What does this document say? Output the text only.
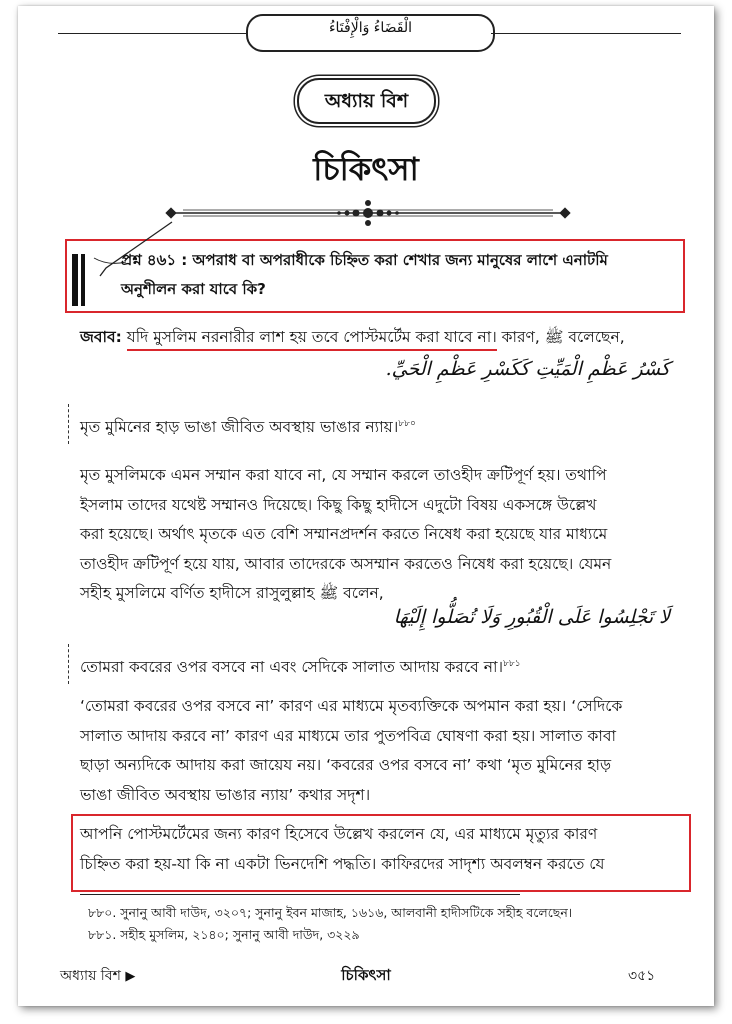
الْقَضَاءُ وَالْإِفْتَاءُ
অধ্যায় বিশ
চিকিৎসা
প্রশ্ন ৪৬১ : অপরাধ বা অপরাধীকে চিহ্নিত করা শেখার জন্য মানুষের লাশে এনাটমি
অনুশীলন করা যাবে কি?
জবাব: যদি মুসলিম নরনারীর লাশ হয় তবে পোস্টমর্টেম করা যাবে না। কারণ, ﷺ বলেছেন,
كَسْرُ عَظْمِ الْمَيِّتِ كَكَسْرِ عَظْمِ الْحَيِّ.
মৃত মুমিনের হাড় ভাঙা জীবিত অবস্থায় ভাঙার ন্যায়।$^{৮৮০}$
মৃত মুসলিমকে এমন সম্মান করা যাবে না, যে সম্মান করলে তাওহীদ ক্রটিপূর্ণ হয়। তথাপি
ইসলাম তাদের যথেষ্ট সম্মানও দিয়েছে। কিছু কিছু হাদীসে এদুটো বিষয় একসঙ্গে উল্লেখ
করা হয়েছে। অর্থাৎ মৃতকে এত বেশি সম্মানপ্রদর্শন করতে নিষেধ করা হয়েছে যার মাধ্যমে
তাওহীদ ক্রটিপূর্ণ হয়ে যায়, আবার তাদেরকে অসম্মান করতেও নিষেধ করা হয়েছে। যেমন
সহীহ মুসলিমে বর্ণিত হাদীসে রাসুলুল্লাহ ﷺ বলেন,
لَا تَجْلِسُوا عَلَى الْقُبُورِ وَلَا تُصَلُّوا إِلَيْهَا
তোমরা কবরের ওপর বসবে না এবং সেদিকে সালাত আদায় করবে না।$^{৮৮১}$
‘তোমরা কবরের ওপর বসবে না’ কারণ এর মাধ্যমে মৃতব্যক্তিকে অপমান করা হয়। ‘সেদিকে
সালাত আদায় করবে না’ কারণ এর মাধ্যমে তার পুতপবিত্র ঘোষণা করা হয়। সালাত কাবা
ছাড়া অন্যদিকে আদায় করা জায়েয নয়। ‘কবরের ওপর বসবে না’ কথা ‘মৃত মুমিনের হাড়
ভাঙা জীবিত অবস্থায় ভাঙার ন্যায়’ কথার সদৃশ।
আপনি পোস্টমর্টেমের জন্য কারণ হিসেবে উল্লেখ করলেন যে, এর মাধ্যমে মৃত্যুর কারণ
চিহ্নিত করা হয়-যা কি না একটা ভিনদেশি পদ্ধতি। কাফিরদের সাদৃশ্য অবলম্বন করতে যে
৮৮০. সুনানু আবী দাউদ, ৩২০৭; সুনানু ইবন মাজাহ, ১৬১৬, আলবানী হাদীসটিকে সহীহ বলেছেন।
৮৮১. সহীহ মুসলিম, ২১৪০; সুনানু আবী দাউদ, ৩২২৯
অধ্যায় বিশ ▶	চিকিৎসা	৩৫১
